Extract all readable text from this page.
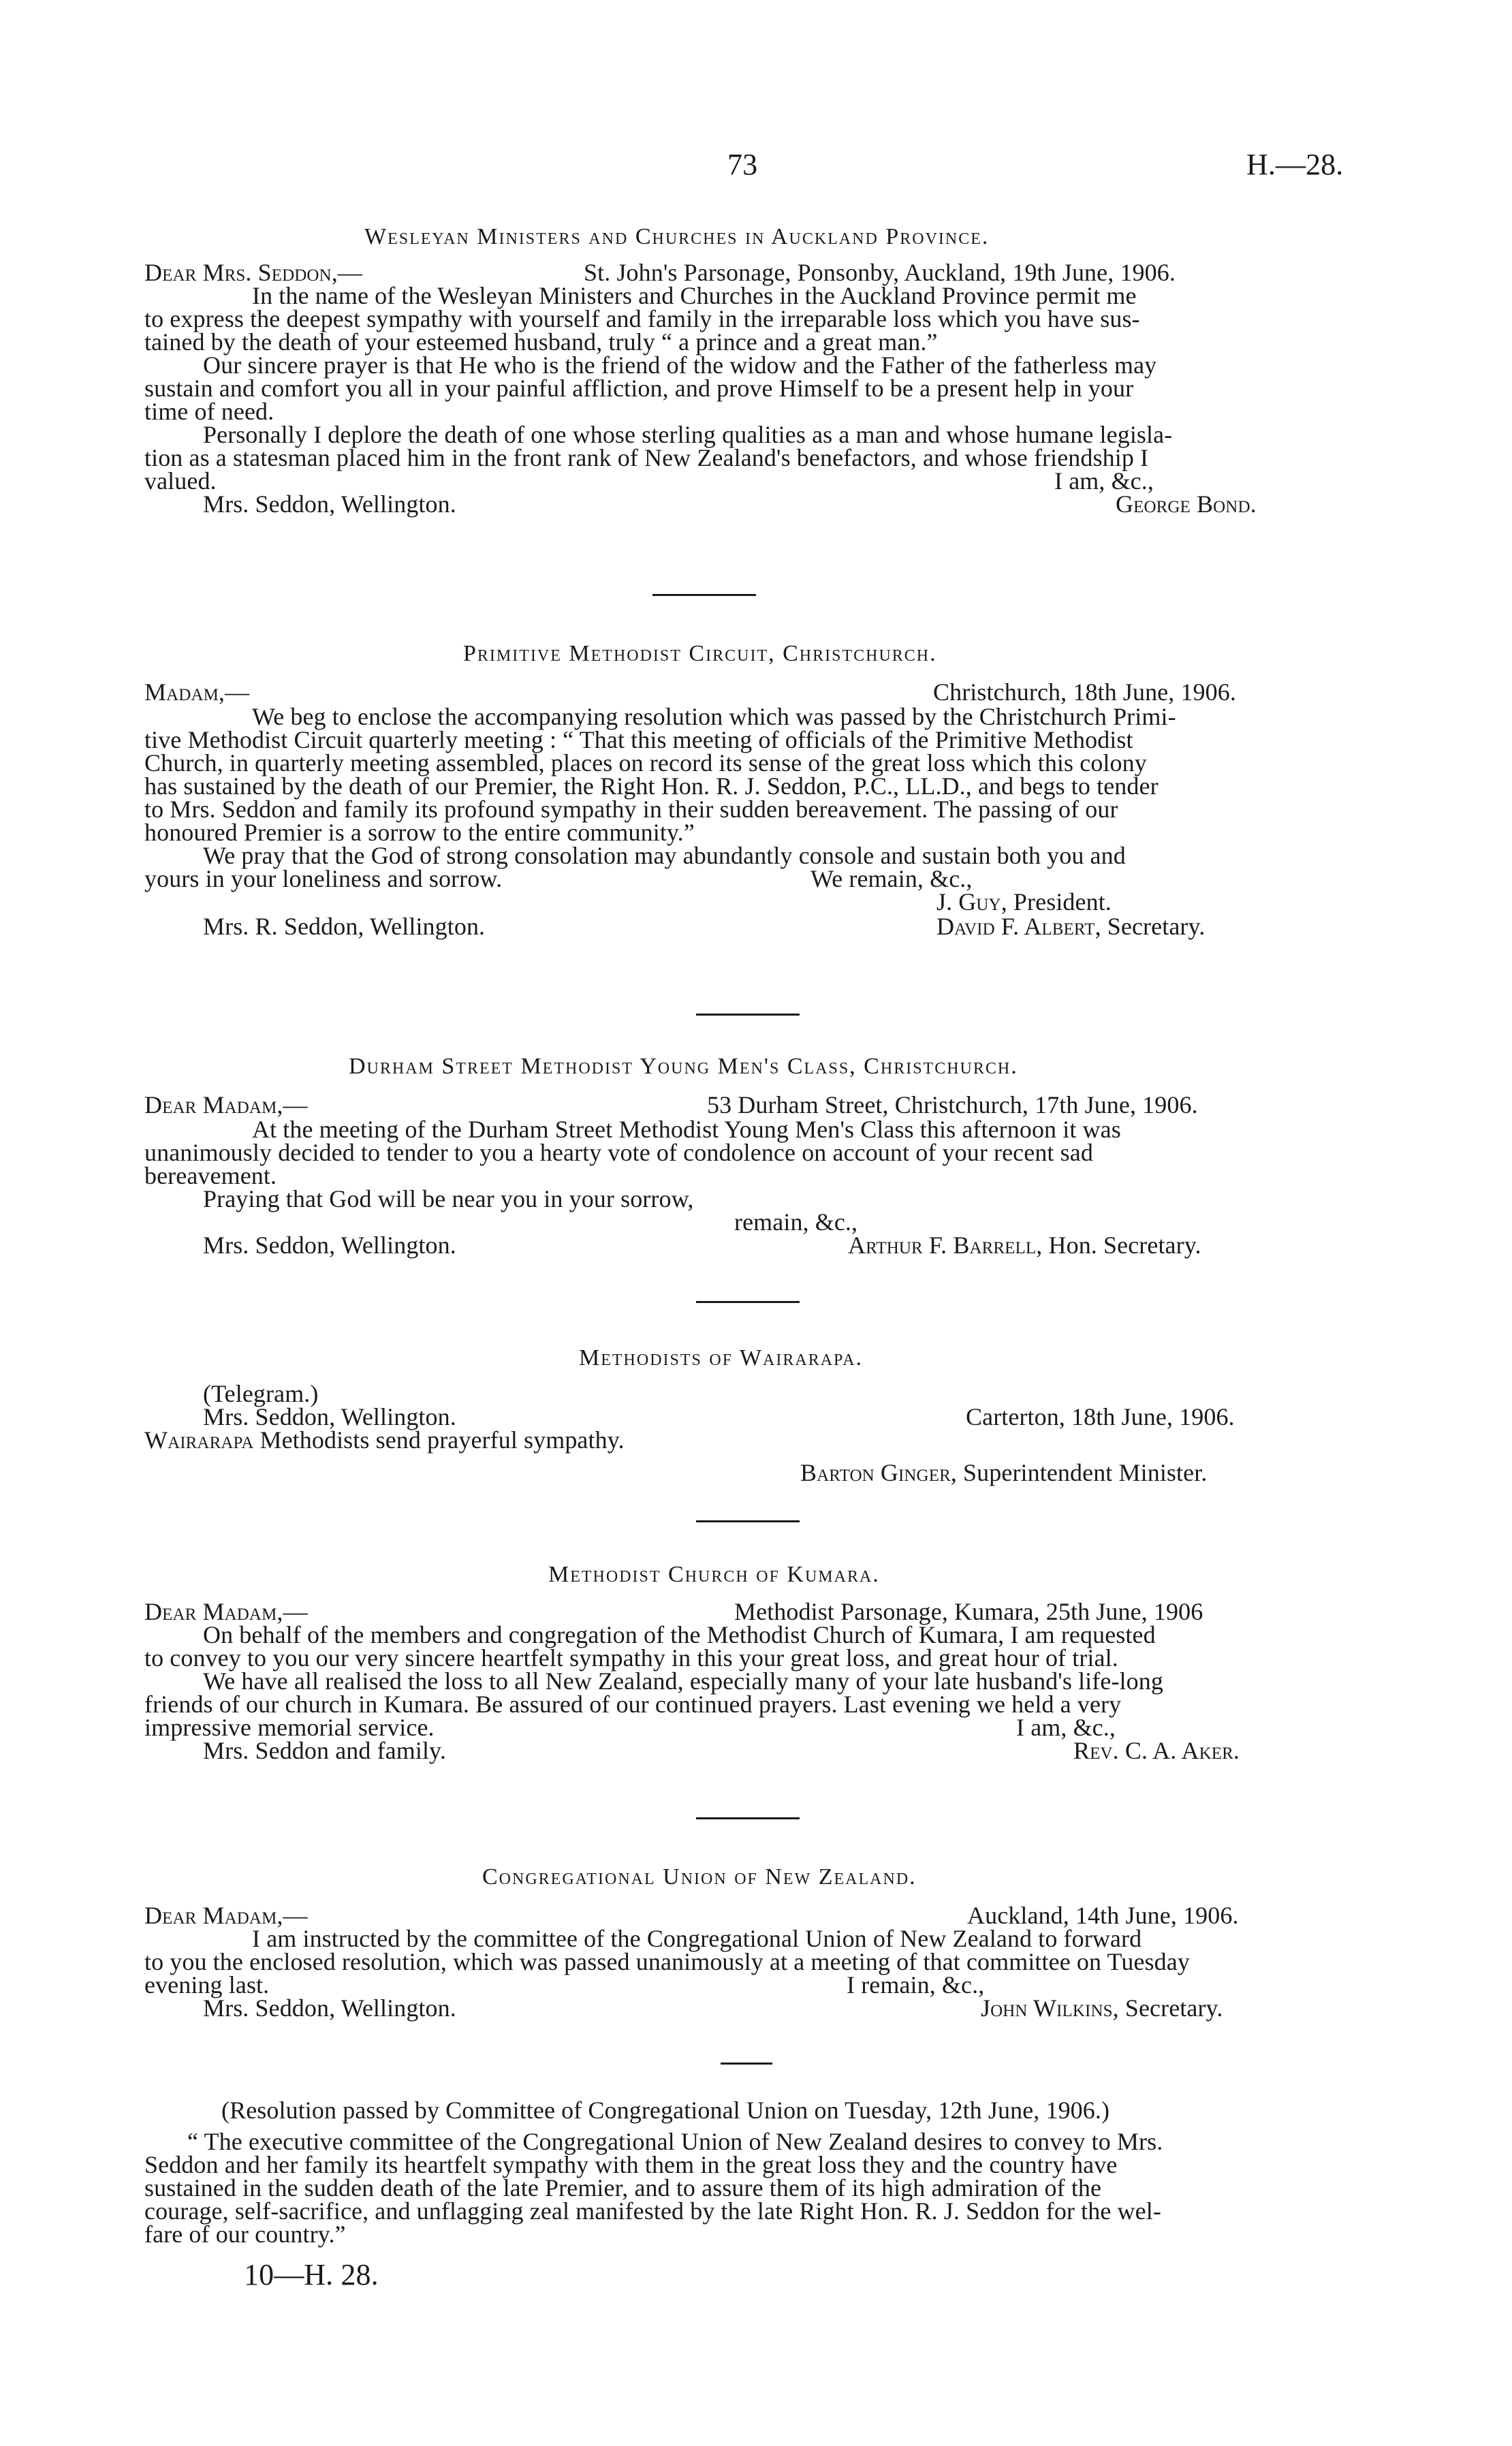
73	H.—28.
Wesleyan Ministers and Churches in Auckland Province.
Dear Mrs. Seddon,—	St. John's Parsonage, Ponsonby, Auckland, 19th June, 1906.
In the name of the Wesleyan Ministers and Churches in the Auckland Province permit me
to express the deepest sympathy with yourself and family in the irreparable loss which you have sus-
tained by the death of your esteemed husband, truly “ a prince and a great man.”
Our sincere prayer is that He who is the friend of the widow and the Father of the fatherless may
sustain and comfort you all in your painful affliction, and prove Himself to be a present help in your
time of need.
Personally I deplore the death of one whose sterling qualities as a man and whose humane legisla-
tion as a statesman placed him in the front rank of New Zealand's benefactors, and whose friendship I
valued.	I am, &c.,
Mrs. Seddon, Wellington.	George Bond.
Primitive Methodist Circuit, Christchurch.
Madam,—	Christchurch, 18th June, 1906.
We beg to enclose the accompanying resolution which was passed by the Christchurch Primi-
tive Methodist Circuit quarterly meeting : “ That this meeting of officials of the Primitive Methodist
Church, in quarterly meeting assembled, places on record its sense of the great loss which this colony
has sustained by the death of our Premier, the Right Hon. R. J. Seddon, P.C., LL.D., and begs to tender
to Mrs. Seddon and family its profound sympathy in their sudden bereavement. The passing of our
honoured Premier is a sorrow to the entire community.”
We pray that the God of strong consolation may abundantly console and sustain both you and
yours in your loneliness and sorrow.	We remain, &c.,
J. Guy, President.
Mrs. R. Seddon, Wellington.	David F. Albert, Secretary.
Durham Street Methodist Young Men's Class, Christchurch.
Dear Madam,—	53 Durham Street, Christchurch, 17th June, 1906.
At the meeting of the Durham Street Methodist Young Men's Class this afternoon it was
unanimously decided to tender to you a hearty vote of condolence on account of your recent sad
bereavement.
Praying that God will be near you in your sorrow,
remain, &c.,
Mrs. Seddon, Wellington.	Arthur F. Barrell, Hon. Secretary.
Methodists of Wairarapa.
(Telegram.)
Mrs. Seddon, Wellington.	Carterton, 18th June, 1906.
Wairarapa Methodists send prayerful sympathy.
Barton Ginger, Superintendent Minister.
Methodist Church of Kumara.
Dear Madam,—	Methodist Parsonage, Kumara, 25th June, 1906
On behalf of the members and congregation of the Methodist Church of Kumara, I am requested
to convey to you our very sincere heartfelt sympathy in this your great loss, and great hour of trial.
We have all realised the loss to all New Zealand, especially many of your late husband's life-long
friends of our church in Kumara. Be assured of our continued prayers. Last evening we held a very
impressive memorial service.	I am, &c.,
Mrs. Seddon and family.	Rev. C. A. Aker.
Congregational Union of New Zealand.
Dear Madam,—	Auckland, 14th June, 1906.
I am instructed by the committee of the Congregational Union of New Zealand to forward
to you the enclosed resolution, which was passed unanimously at a meeting of that committee on Tuesday
evening last.	I remain, &c.,
Mrs. Seddon, Wellington.	John Wilkins, Secretary.
(Resolution passed by Committee of Congregational Union on Tuesday, 12th June, 1906.)
“ The executive committee of the Congregational Union of New Zealand desires to convey to Mrs.
Seddon and her family its heartfelt sympathy with them in the great loss they and the country have
sustained in the sudden death of the late Premier, and to assure them of its high admiration of the
courage, self-sacrifice, and unflagging zeal manifested by the late Right Hon. R. J. Seddon for the wel-
fare of our country.”
10—H. 28.
